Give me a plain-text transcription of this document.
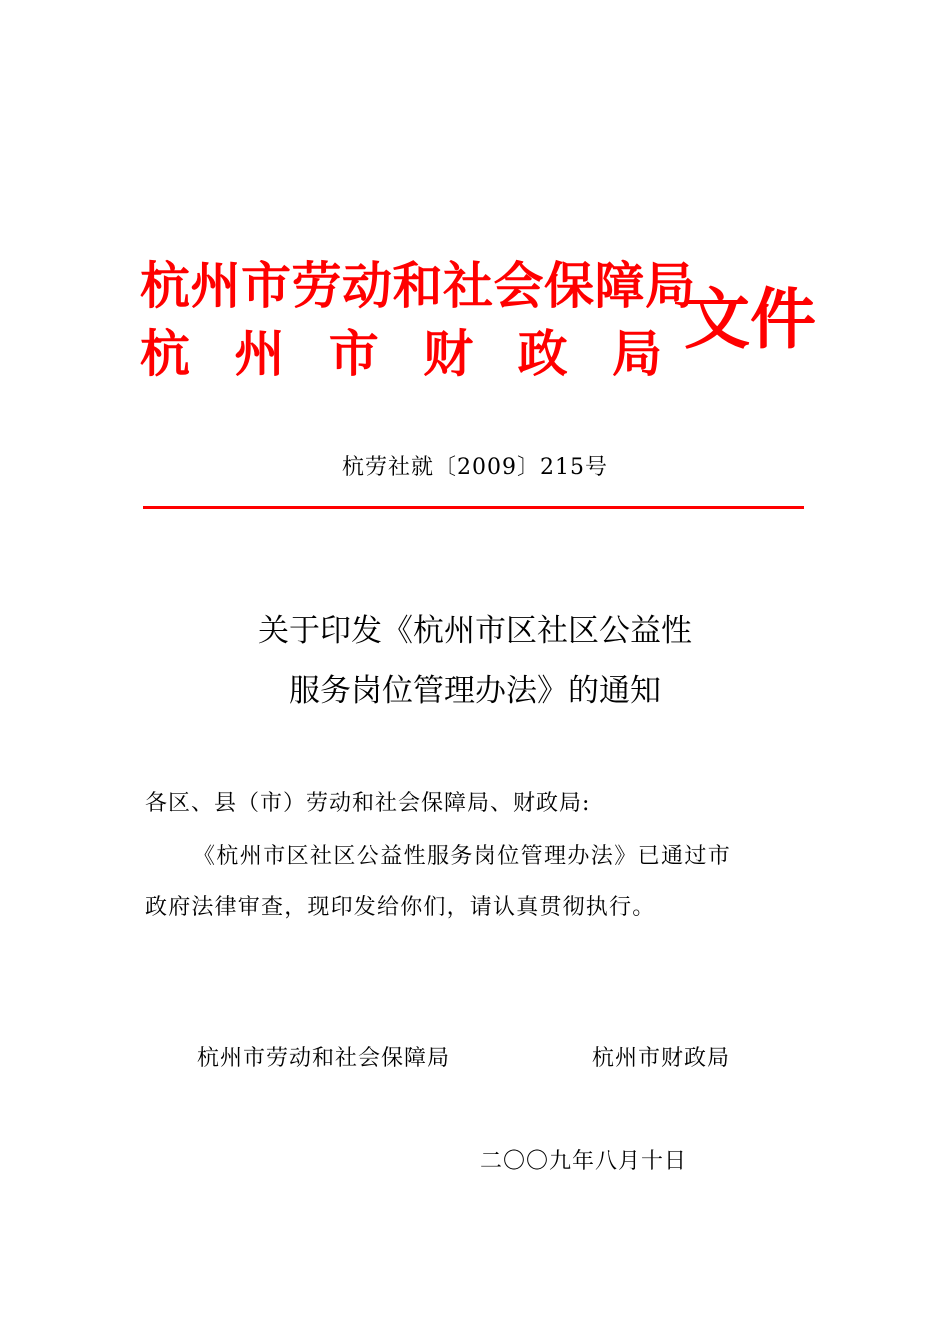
杭州市劳动和社会保障局
杭 州 市 财 政 局 文件
杭劳社就〔2009〕215号
关于印发《杭州市区社区公益性
服务岗位管理办法》的通知
各区、县（市）劳动和社会保障局、财政局:
《杭州市区社区公益性服务岗位管理办法》已通过市
政府法律审查，现印发给你们，请认真贯彻执行。
杭州市劳动和社会保障局	杭州市财政局
二〇〇九年八月十日
